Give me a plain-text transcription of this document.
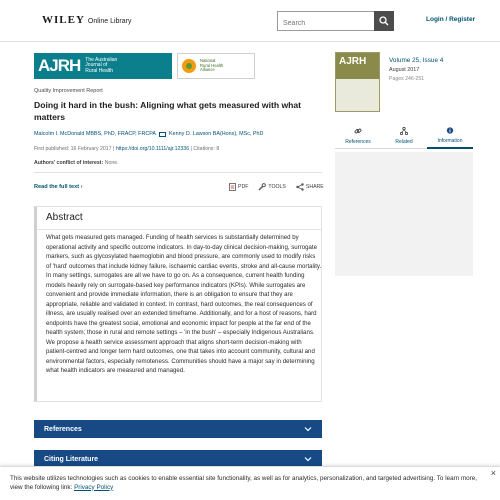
WILEY Online Library
Search	Login / Register
AJRH The Australian
Journal of
Rural Health
National
Rural Health
Alliance
Quality Improvement Report
Doing it hard in the bush: Aligning what gets measured with what matters
Malcolm I. McDonald MBBS, PhD, FRACP, FRCPA Kenny D. Lawson BA(Hons), MSc, PhD
First published: 16 February 2017 | https://doi.org/10.1111/ajr.12336 | Citations: 8
Authors' conflict of interest: None.
Read the full text ›	PDF	TOOLS	SHARE
Abstract

What gets measured gets managed. Funding of health services is substantially determined by operational activity and specific outcome indicators. In day-to-day clinical decision-making, surrogate markers, such as glycosylated haemoglobin and blood pressure, are commonly used to modify risks of 'hard' outcomes that include kidney failure, ischaemic cardiac events, stroke and all-cause mortality. In many settings, surrogates are all we have to go on. As a consequence, current health funding models heavily rely on surrogate-based key performance indicators (KPIs). While surrogates are convenient and provide immediate information, there is an obligation to ensure that they are appropriate, reliable and validated in context. In contrast, hard outcomes, the real consequences of illness, are usually realised over an extended timeframe. Additionally, and for a host of reasons, hard endpoints have the greatest social, emotional and economic impact for people at the far end of the health system; those in rural and remote settings – 'in the bush' – especially Indigenous Australians. We propose a health service assessment approach that aligns short-term decision-making with patient-centred and longer term hard outcomes, one that takes into account community, cultural and environmental factors, especially remoteness. Communities should have a major say in determining what health indicators are measured and managed.

References
Citing Literature
AJRH	Volume 25, Issue 4
August 2017
Pages 246-251
References	Related	Information

This website utilizes technologies such as cookies to enable essential site functionality, as well as for analytics, personalization, and targeted advertising. To learn more, view the following link: Privacy Policy

×
